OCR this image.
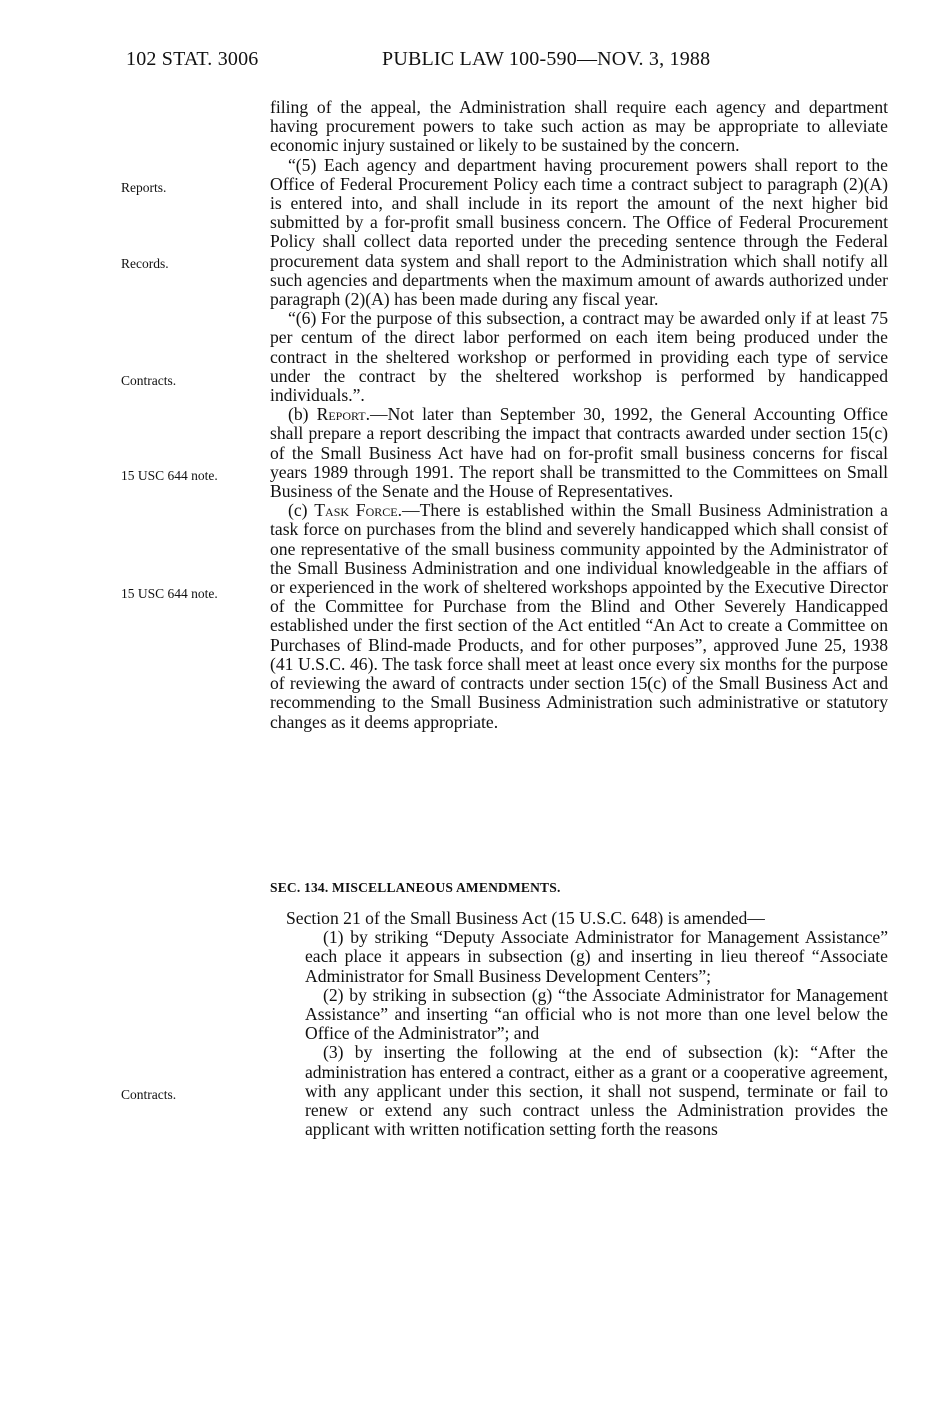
102 STAT. 3006	PUBLIC LAW 100-590—NOV. 3, 1988
Reports.
Records.
Contracts.
15 USC 644 note.
15 USC 644 note.
Contracts.

filing of the appeal, the Administration shall require each agency and department having procurement powers to take such action as may be appropriate to alleviate economic injury sustained or likely to be sustained by the concern.

“(5) Each agency and department having procurement powers shall report to the Office of Federal Procurement Policy each time a contract subject to paragraph (2)(A) is entered into, and shall include in its report the amount of the next higher bid submitted by a for-profit small business concern. The Office of Federal Procurement Policy shall collect data reported under the preceding sentence through the Federal procurement data system and shall report to the Administration which shall notify all such agencies and departments when the maximum amount of awards authorized under paragraph (2)(A) has been made during any fiscal year.

“(6) For the purpose of this subsection, a contract may be awarded only if at least 75 per centum of the direct labor performed on each item being produced under the contract in the sheltered workshop or performed in providing each type of service under the contract by the sheltered workshop is performed by handicapped individuals.”.

(b) Report.—Not later than September 30, 1992, the General Accounting Office shall prepare a report describing the impact that contracts awarded under section 15(c) of the Small Business Act have had on for-profit small business concerns for fiscal years 1989 through 1991. The report shall be transmitted to the Committees on Small Business of the Senate and the House of Representatives.

(c) Task Force.—There is established within the Small Business Administration a task force on purchases from the blind and severely handicapped which shall consist of one representative of the small business community appointed by the Administrator of the Small Business Administration and one individual knowledgeable in the affiars of or experienced in the work of sheltered workshops appointed by the Executive Director of the Committee for Purchase from the Blind and Other Severely Handicapped established under the first section of the Act entitled “An Act to create a Committee on Purchases of Blind-made Products, and for other purposes”, approved June 25, 1938 (41 U.S.C. 46). The task force shall meet at least once every six months for the purpose of reviewing the award of contracts under section 15(c) of the Small Business Act and recommending to the Small Business Administration such administrative or statutory changes as it deems appropriate.

SEC. 134. MISCELLANEOUS AMENDMENTS.

Section 21 of the Small Business Act (15 U.S.C. 648) is amended—

(1) by striking “Deputy Associate Administrator for Management Assistance” each place it appears in subsection (g) and inserting in lieu thereof “Associate Administrator for Small Business Development Centers”;

(2) by striking in subsection (g) “the Associate Administrator for Management Assistance” and inserting “an official who is not more than one level below the Office of the Administrator”; and

(3) by inserting the following at the end of subsection (k): “After the administration has entered a contract, either as a grant or a cooperative agreement, with any applicant under this section, it shall not suspend, terminate or fail to renew or extend any such contract unless the Administration provides the applicant with written notification setting forth the reasons
